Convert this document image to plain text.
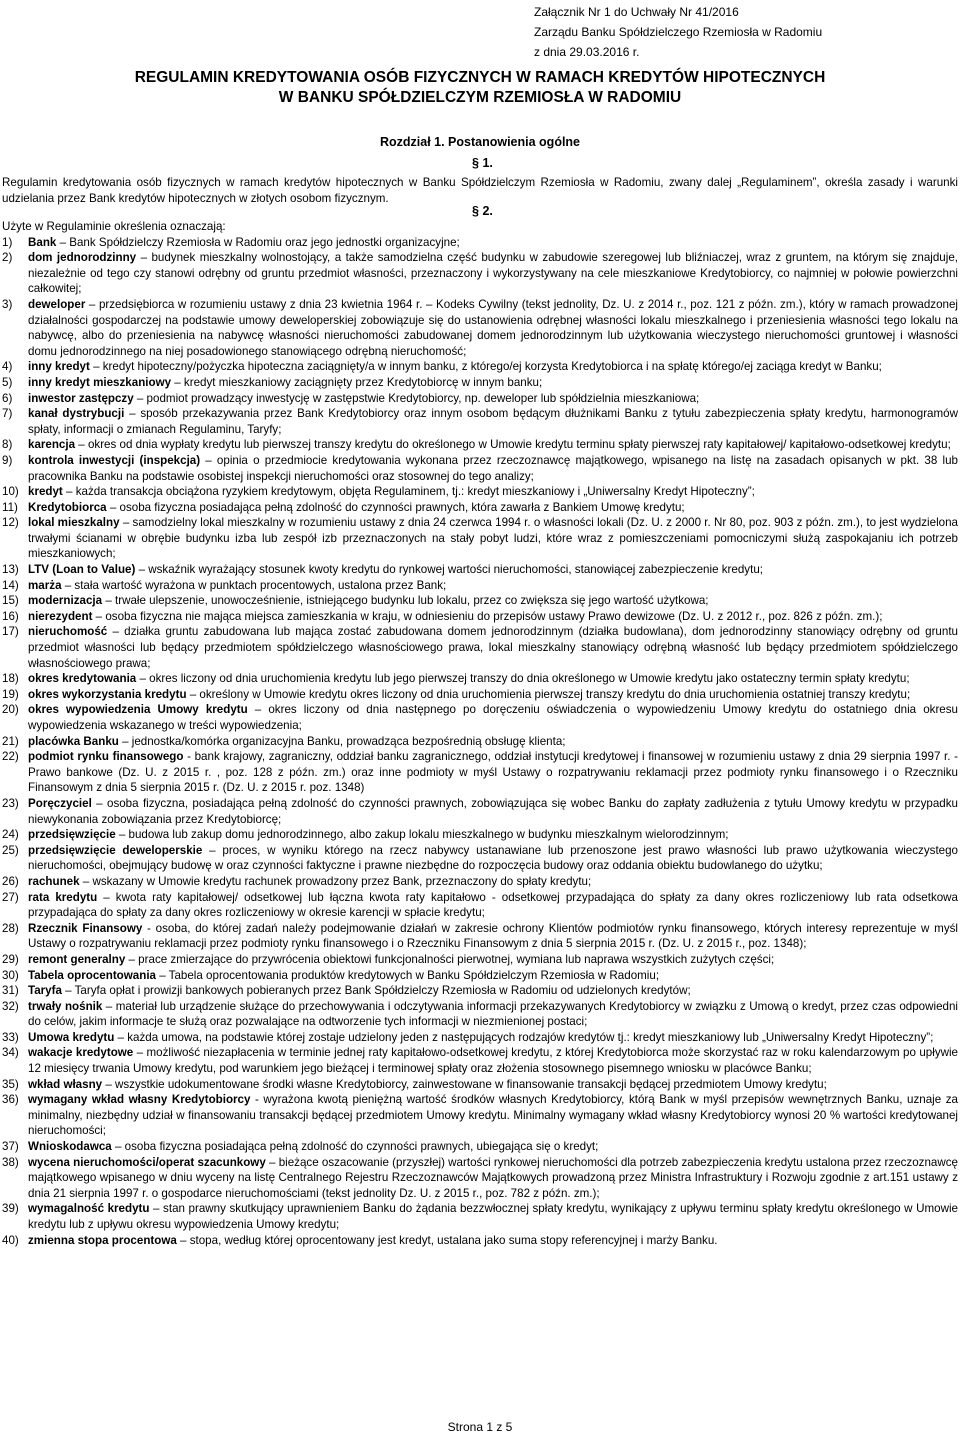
Załącznik Nr 1 do Uchwały Nr 41/2016
Zarządu Banku Spółdzielczego Rzemiosła w Radomiu
z dnia 29.03.2016 r.
REGULAMIN KREDYTOWANIA OSÓB FIZYCZNYCH W RAMACH KREDYTÓW HIPOTECZNYCH
W BANKU SPÓŁDZIELCZYM RZEMIOSŁA W RADOMIU
Rozdział 1. Postanowienia ogólne
§ 1.

Regulamin kredytowania osób fizycznych w ramach kredytów hipotecznych w Banku Spółdzielczym Rzemiosła w Radomiu, zwany dalej „Regulaminem”, określa zasady i warunki udzielania przez Bank kredytów hipotecznych w złotych osobom fizycznym.

§ 2.

Użyte w Regulaminie określenia oznaczają:

1) Bank – Bank Spółdzielczy Rzemiosła w Radomiu oraz jego jednostki organizacyjne;
2) dom jednorodzinny – budynek mieszkalny wolnostojący, a także samodzielna część budynku w zabudowie szeregowej lub bliźniaczej, wraz z gruntem, na którym się znajduje, niezależnie od tego czy stanowi odrębny od gruntu przedmiot własności, przeznaczony i wykorzystywany na cele mieszkaniowe Kredytobiorcy, co najmniej w połowie powierzchni całkowitej;
3) deweloper – przedsiębiorca w rozumieniu ustawy z dnia 23 kwietnia 1964 r. – Kodeks Cywilny (tekst jednolity, Dz. U. z 2014 r., poz. 121 z późn. zm.), który w ramach prowadzonej działalności gospodarczej na podstawie umowy deweloperskiej zobowiązuje się do ustanowienia odrębnej własności lokalu mieszkalnego i przeniesienia własności tego lokalu na nabywcę, albo do przeniesienia na nabywcę własności nieruchomości zabudowanej domem jednorodzinnym lub użytkowania wieczystego nieruchomości gruntowej i własności domu jednorodzinnego na niej posadowionego stanowiącego odrębną nieruchomość;
4) inny kredyt – kredyt hipoteczny/pożyczka hipoteczna zaciągnięty/a w innym banku, z którego/ej korzysta Kredytobiorca i na spłatę którego/ej zaciąga kredyt w Banku;
5) inny kredyt mieszkaniowy – kredyt mieszkaniowy zaciągnięty przez Kredytobiorcę w innym banku;
6) inwestor zastępczy – podmiot prowadzący inwestycję w zastępstwie Kredytobiorcy, np. deweloper lub spółdzielnia mieszkaniowa;
7) kanał dystrybucji – sposób przekazywania przez Bank Kredytobiorcy oraz innym osobom będącym dłużnikami Banku z tytułu zabezpieczenia spłaty kredytu, harmonogramów spłaty, informacji o zmianach Regulaminu, Taryfy;
8) karencja – okres od dnia wypłaty kredytu lub pierwszej transzy kredytu do określonego w Umowie kredytu terminu spłaty pierwszej raty kapitałowej/ kapitałowo-odsetkowej kredytu;
9) kontrola inwestycji (inspekcja) – opinia o przedmiocie kredytowania wykonana przez rzeczoznawcę majątkowego, wpisanego na listę na zasadach opisanych w pkt. 38 lub pracownika Banku na podstawie osobistej inspekcji nieruchomości oraz stosownej do tego analizy;
10) kredyt – każda transakcja obciążona ryzykiem kredytowym, objęta Regulaminem, tj.: kredyt mieszkaniowy i „Uniwersalny Kredyt Hipoteczny”;
11) Kredytobiorca – osoba fizyczna posiadająca pełną zdolność do czynności prawnych, która zawarła z Bankiem Umowę kredytu;
12) lokal mieszkalny – samodzielny lokal mieszkalny w rozumieniu ustawy z dnia 24 czerwca 1994 r. o własności lokali (Dz. U. z 2000 r. Nr 80, poz. 903 z późn. zm.), to jest wydzielona trwałymi ścianami w obrębie budynku izba lub zespół izb przeznaczonych na stały pobyt ludzi, które wraz z pomieszczeniami pomocniczymi służą zaspokajaniu ich potrzeb mieszkaniowych;
13) LTV (Loan to Value) – wskaźnik wyrażający stosunek kwoty kredytu do rynkowej wartości nieruchomości, stanowiącej zabezpieczenie kredytu;
14) marża – stała wartość wyrażona w punktach procentowych, ustalona przez Bank;
15) modernizacja – trwałe ulepszenie, unowocześnienie, istniejącego budynku lub lokalu, przez co zwiększa się jego wartość użytkowa;
16) nierezydent – osoba fizyczna nie mająca miejsca zamieszkania w kraju, w odniesieniu do przepisów ustawy Prawo dewizowe (Dz. U. z 2012 r., poz. 826 z późn. zm.);
17) nieruchomość – działka gruntu zabudowana lub mająca zostać zabudowana domem jednorodzinnym (działka budowlana), dom jednorodzinny stanowiący odrębny od gruntu przedmiot własności lub będący przedmiotem spółdzielczego własnościowego prawa, lokal mieszkalny stanowiący odrębną własność lub będący przedmiotem spółdzielczego własnościowego prawa;
18) okres kredytowania – okres liczony od dnia uruchomienia kredytu lub jego pierwszej transzy do dnia określonego w Umowie kredytu jako ostateczny termin spłaty kredytu;
19) okres wykorzystania kredytu – określony w Umowie kredytu okres liczony od dnia uruchomienia pierwszej transzy kredytu do dnia uruchomienia ostatniej transzy kredytu;
20) okres wypowiedzenia Umowy kredytu – okres liczony od dnia następnego po doręczeniu oświadczenia o wypowiedzeniu Umowy kredytu do ostatniego dnia okresu wypowiedzenia wskazanego w treści wypowiedzenia;
21) placówka Banku – jednostka/komórka organizacyjna Banku, prowadząca bezpośrednią obsługę klienta;
22) podmiot rynku finansowego - bank krajowy, zagraniczny, oddział banku zagranicznego, oddział instytucji kredytowej i finansowej w rozumieniu ustawy z dnia 29 sierpnia 1997 r. - Prawo bankowe (Dz. U. z 2015 r. , poz. 128 z późn. zm.) oraz inne podmioty w myśl Ustawy o rozpatrywaniu reklamacji przez podmioty rynku finansowego i o Rzeczniku Finansowym z dnia 5 sierpnia 2015 r. (Dz. U. z 2015 r. poz. 1348)
23) Poręczyciel – osoba fizyczna, posiadająca pełną zdolność do czynności prawnych, zobowiązująca się wobec Banku do zapłaty zadłużenia z tytułu Umowy kredytu w przypadku niewykonania zobowiązania przez Kredytobiorcę;
24) przedsięwzięcie – budowa lub zakup domu jednorodzinnego, albo zakup lokalu mieszkalnego w budynku mieszkalnym wielorodzinnym;
25) przedsięwzięcie deweloperskie – proces, w wyniku którego na rzecz nabywcy ustanawiane lub przenoszone jest prawo własności lub prawo użytkowania wieczystego nieruchomości, obejmujący budowę w oraz czynności faktyczne i prawne niezbędne do rozpoczęcia budowy oraz oddania obiektu budowlanego do użytku;
26) rachunek – wskazany w Umowie kredytu rachunek prowadzony przez Bank, przeznaczony do spłaty kredytu;
27) rata kredytu – kwota raty kapitałowej/ odsetkowej lub łączna kwota raty kapitałowo - odsetkowej przypadająca do spłaty za dany okres rozliczeniowy lub rata odsetkowa przypadająca do spłaty za dany okres rozliczeniowy w okresie karencji w spłacie kredytu;
28) Rzecznik Finansowy - osoba, do której zadań należy podejmowanie działań w zakresie ochrony Klientów podmiotów rynku finansowego, których interesy reprezentuje w myśl Ustawy o rozpatrywaniu reklamacji przez podmioty rynku finansowego i o Rzeczniku Finansowym z dnia 5 sierpnia 2015 r. (Dz. U. z 2015 r., poz. 1348);
29) remont generalny – prace zmierzające do przywrócenia obiektowi funkcjonalności pierwotnej, wymiana lub naprawa wszystkich zużytych części;
30) Tabela oprocentowania – Tabela oprocentowania produktów kredytowych w Banku Spółdzielczym Rzemiosła w Radomiu;
31) Taryfa – Taryfa opłat i prowizji bankowych pobieranych przez Bank Spółdzielczy Rzemiosła w Radomiu od udzielonych kredytów;
32) trwały nośnik – materiał lub urządzenie służące do przechowywania i odczytywania informacji przekazywanych Kredytobiorcy w związku z Umową o kredyt, przez czas odpowiedni do celów, jakim informacje te służą oraz pozwalające na odtworzenie tych informacji w niezmienionej postaci;
33) Umowa kredytu – każda umowa, na podstawie której zostaje udzielony jeden z następujących rodzajów kredytów tj.: kredyt mieszkaniowy lub „Uniwersalny Kredyt Hipoteczny”;
34) wakacje kredytowe – możliwość niezapłacenia w terminie jednej raty kapitałowo-odsetkowej kredytu, z której Kredytobiorca może skorzystać raz w roku kalendarzowym po upływie 12 miesięcy trwania Umowy kredytu, pod warunkiem jego bieżącej i terminowej spłaty oraz złożenia stosownego pisemnego wniosku w placówce Banku;
35) wkład własny – wszystkie udokumentowane środki własne Kredytobiorcy, zainwestowane w finansowanie transakcji będącej przedmiotem Umowy kredytu;
36) wymagany wkład własny Kredytobiorcy - wyrażona kwotą pieniężną wartość środków własnych Kredytobiorcy, którą Bank w myśl przepisów wewnętrznych Banku, uznaje za minimalny, niezbędny udział w finansowaniu transakcji będącej przedmiotem Umowy kredytu. Minimalny wymagany wkład własny Kredytobiorcy wynosi 20 % wartości kredytowanej nieruchomości;
37) Wnioskodawca – osoba fizyczna posiadająca pełną zdolność do czynności prawnych, ubiegająca się o kredyt;
38) wycena nieruchomości/operat szacunkowy – bieżące oszacowanie (przyszłej) wartości rynkowej nieruchomości dla potrzeb zabezpieczenia kredytu ustalona przez rzeczoznawcę majątkowego wpisanego w dniu wyceny na listę Centralnego Rejestru Rzeczoznawców Majątkowych prowadzoną przez Ministra Infrastruktury i Rozwoju zgodnie z art.151 ustawy z dnia 21 sierpnia 1997 r. o gospodarce nieruchomościami (tekst jednolity Dz. U. z 2015 r., poz. 782 z późn. zm.);
39) wymagalność kredytu – stan prawny skutkujący uprawnieniem Banku do żądania bezzwłocznej spłaty kredytu, wynikający z upływu terminu spłaty kredytu określonego w Umowie kredytu lub z upływu okresu wypowiedzenia Umowy kredytu;
40) zmienna stopa procentowa – stopa, według której oprocentowany jest kredyt, ustalana jako suma stopy referencyjnej i marży Banku.
Strona 1 z 5
